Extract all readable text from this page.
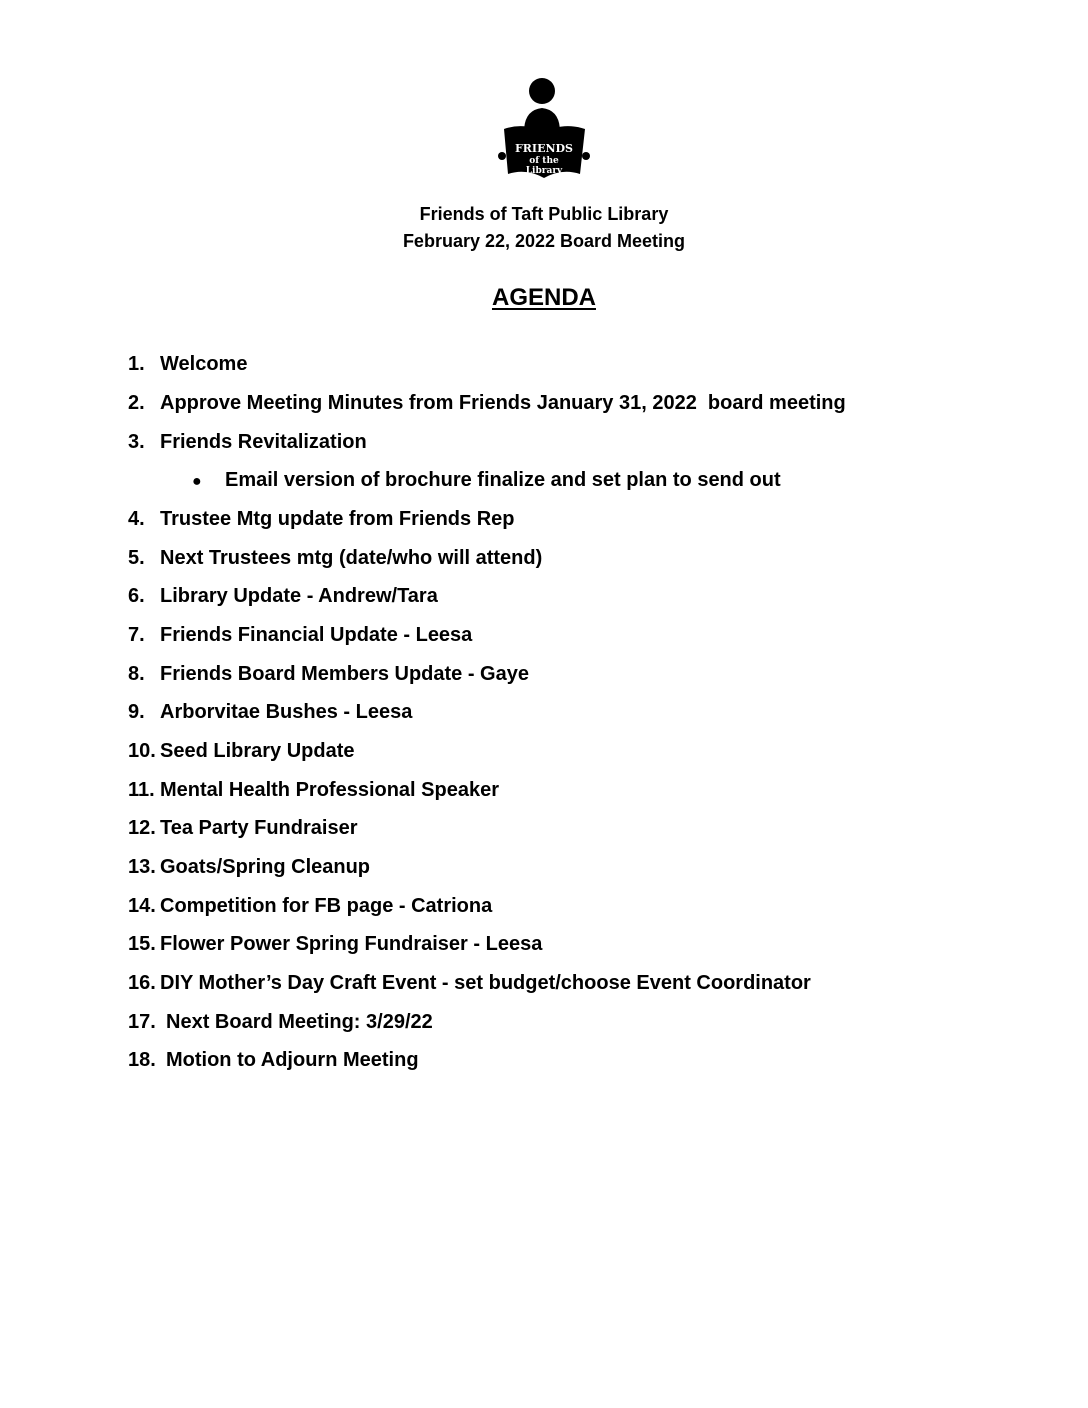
FRIENDS
of the
Library
Friends of Taft Public Library
February 22, 2022 Board Meeting
AGENDA
1. Welcome
2. Approve Meeting Minutes from Friends January 31, 2022  board meeting
3. Friends Revitalization
● Email version of brochure finalize and set plan to send out
4. Trustee Mtg update from Friends Rep
5. Next Trustees mtg (date/who will attend)
6. Library Update - Andrew/Tara
7. Friends Financial Update - Leesa
8. Friends Board Members Update - Gaye
9. Arborvitae Bushes - Leesa
10. Seed Library Update
11. Mental Health Professional Speaker
12. Tea Party Fundraiser
13. Goats/Spring Cleanup
14. Competition for FB page - Catriona
15. Flower Power Spring Fundraiser - Leesa
16. DIY Mother’s Day Craft Event - set budget/choose Event Coordinator
17. Next Board Meeting: 3/29/22
18. Motion to Adjourn Meeting
